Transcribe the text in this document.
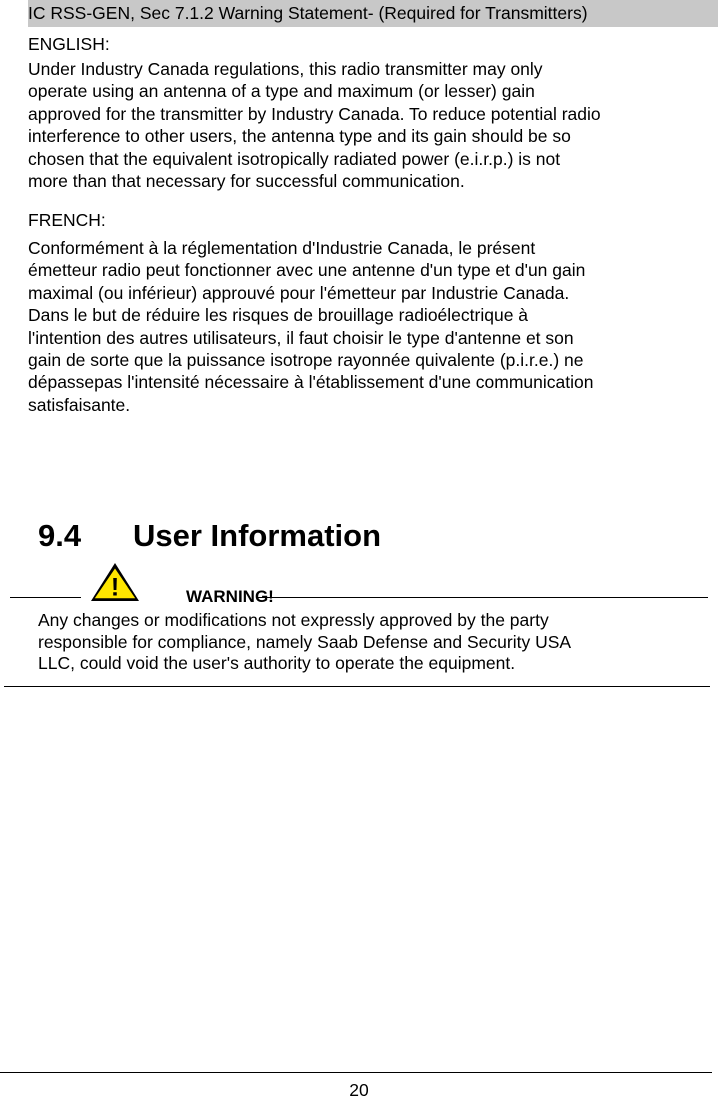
IC RSS-GEN, Sec 7.1.2 Warning Statement- (Required for Transmitters)
ENGLISH:
Under Industry Canada regulations, this radio transmitter may only
operate using an antenna of a type and maximum (or lesser) gain
approved for the transmitter by Industry Canada. To reduce potential radio
interference to other users, the antenna type and its gain should be so
chosen that the equivalent isotropically radiated power (e.i.r.p.) is not
more than that necessary for successful communication.
FRENCH:
Conformément à la réglementation d'Industrie Canada, le présent
émetteur radio peut fonctionner avec une antenne d'un type et d'un gain
maximal (ou inférieur) approuvé pour l'émetteur par Industrie Canada.
Dans le but de réduire les risques de brouillage radioélectrique à
l'intention des autres utilisateurs, il faut choisir le type d'antenne et son
gain de sorte que la puissance isotrope rayonnée quivalente (p.i.r.e.) ne
dépassepas l'intensité nécessaire à l'établissement d'une communication
satisfaisante.
9.4 User Information
!	WARNING!
Any changes or modifications not expressly approved by the party
responsible for compliance, namely Saab Defense and Security USA
LLC, could void the user's authority to operate the equipment.
20
